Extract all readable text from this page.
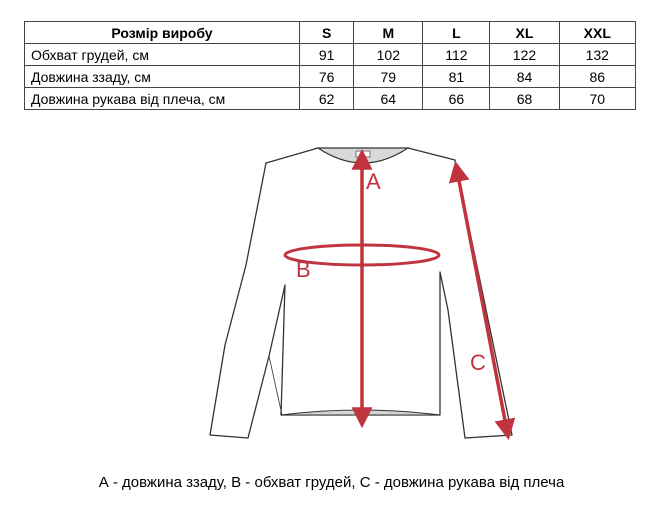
Розмір виробу	S	M	L	XL	XXL
Обхват грудей, см	91	102	112	122	132
Довжина ззаду, см	76	79	81	84	86
Довжина рукава від плеча, см	62	64	66	68	70
A
B
C
А - довжина ззаду, В - обхват грудей, С - довжина рукава від плеча
